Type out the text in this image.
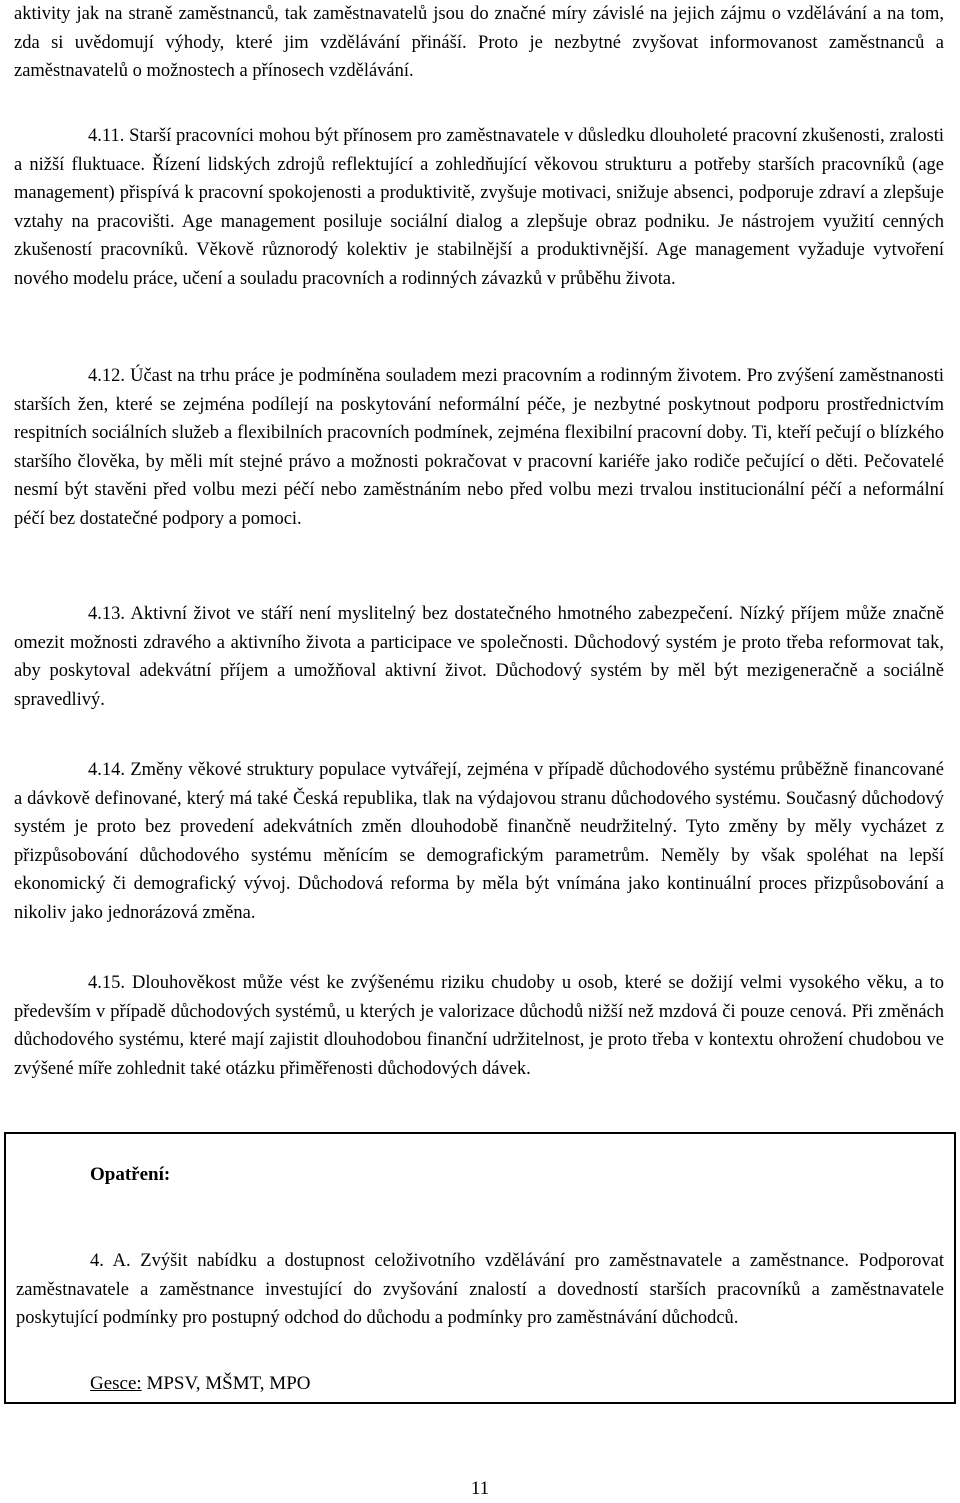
aktivity jak na straně zaměstnanců, tak zaměstnavatelů jsou do značné míry závislé na jejich zájmu o vzdělávání a na tom, zda si uvědomují výhody, které jim vzdělávání přináší. Proto je nezbytné zvyšovat informovanost zaměstnanců a zaměstnavatelů o možnostech a přínosech vzdělávání.

4.11. Starší pracovníci mohou být přínosem pro zaměstnavatele v důsledku dlouholeté pracovní zkušenosti, zralosti a nižší fluktuace. Řízení lidských zdrojů reflektující a zohledňující věkovou strukturu a potřeby starších pracovníků (age management) přispívá k pracovní spokojenosti a produktivitě, zvyšuje motivaci, snižuje absenci, podporuje zdraví a zlepšuje vztahy na pracovišti. Age management posiluje sociální dialog a zlepšuje obraz podniku. Je nástrojem využití cenných zkušeností pracovníků. Věkově různorodý kolektiv je stabilnější a produktivnější. Age management vyžaduje vytvoření nového modelu práce, učení a souladu pracovních a rodinných závazků v průběhu života.

4.12. Účast na trhu práce je podmíněna souladem mezi pracovním a rodinným životem. Pro zvýšení zaměstnanosti starších žen, které se zejména podílejí na poskytování neformální péče, je nezbytné poskytnout podporu prostřednictvím respitních sociálních služeb a flexibilních pracovních podmínek, zejména flexibilní pracovní doby. Ti, kteří pečují o blízkého staršího člověka, by měli mít stejné právo a možnosti pokračovat v pracovní kariéře jako rodiče pečující o děti. Pečovatelé nesmí být stavěni před volbu mezi péčí nebo zaměstnáním nebo před volbu mezi trvalou institucionální péčí a neformální péčí bez dostatečné podpory a pomoci.

4.13. Aktivní život ve stáří není myslitelný bez dostatečného hmotného zabezpečení. Nízký příjem může značně omezit možnosti zdravého a aktivního života a participace ve společnosti. Důchodový systém je proto třeba reformovat tak, aby poskytoval adekvátní příjem a umožňoval aktivní život. Důchodový systém by měl být mezigeneračně a sociálně spravedlivý.

4.14. Změny věkové struktury populace vytvářejí, zejména v případě důchodového systému průběžně financované a dávkově definované, který má také Česká republika, tlak na výdajovou stranu důchodového systému. Současný důchodový systém je proto bez provedení adekvátních změn dlouhodobě finančně neudržitelný. Tyto změny by měly vycházet z přizpůsobování důchodového systému měnícím se demografickým parametrům. Neměly by však spoléhat na lepší ekonomický či demografický vývoj. Důchodová reforma by měla být vnímána jako kontinuální proces přizpůsobování a nikoliv jako jednorázová změna.

4.15. Dlouhověkost může vést ke zvýšenému riziku chudoby u osob, které se dožijí velmi vysokého věku, a to především v případě důchodových systémů, u kterých je valorizace důchodů nižší než mzdová či pouze cenová. Při změnách důchodového systému, které mají zajistit dlouhodobou finanční udržitelnost, je proto třeba v kontextu ohrožení chudobou ve zvýšené míře zohlednit také otázku přiměřenosti důchodových dávek.

Opatření:

4. A. Zvýšit nabídku a dostupnost celoživotního vzdělávání pro zaměstnavatele a zaměstnance. Podporovat zaměstnavatele a zaměstnance investující do zvyšování znalostí a dovedností starších pracovníků a zaměstnavatele poskytující podmínky pro postupný odchod do důchodu a podmínky pro zaměstnávání důchodců.

Gesce: MPSV, MŠMT, MPO

11
